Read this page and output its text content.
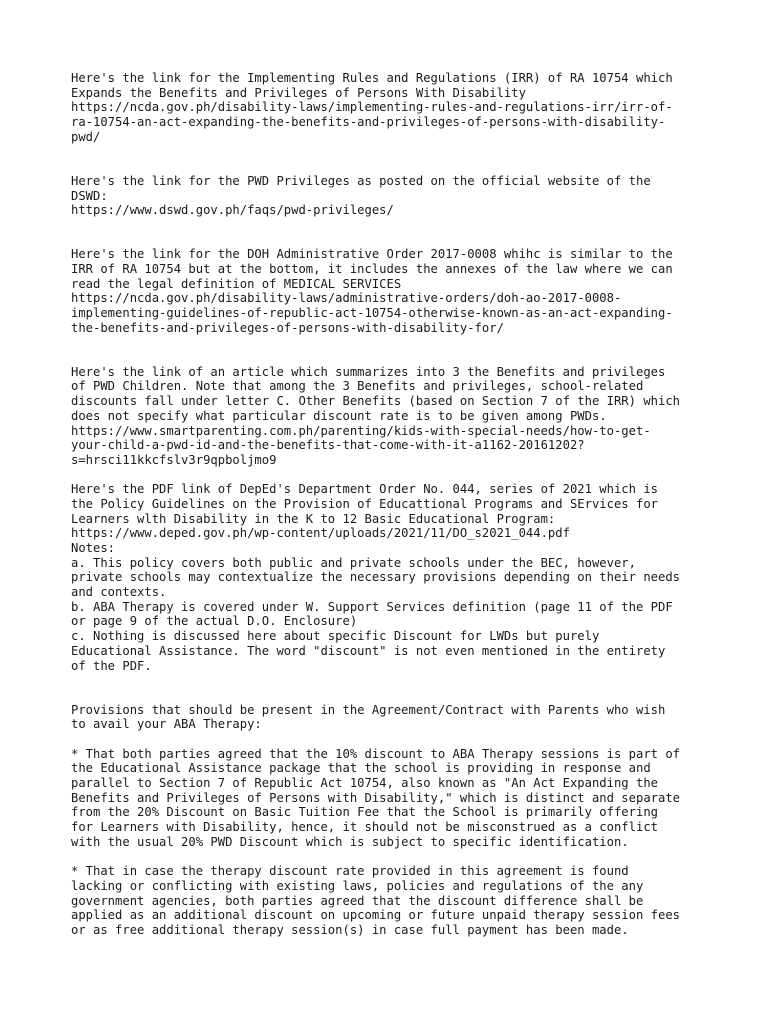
Here's the link for the Implementing Rules and Regulations (IRR) of RA 10754 which
Expands the Benefits and Privileges of Persons With Disability
https://ncda.gov.ph/disability-laws/implementing-rules-and-regulations-irr/irr-of-
ra-10754-an-act-expanding-the-benefits-and-privileges-of-persons-with-disability-
pwd/
Here's the link for the PWD Privileges as posted on the official website of the
DSWD:
https://www.dswd.gov.ph/faqs/pwd-privileges/
Here's the link for the DOH Administrative Order 2017-0008 whihc is similar to the
IRR of RA 10754 but at the bottom, it includes the annexes of the law where we can
read the legal definition of MEDICAL SERVICES
https://ncda.gov.ph/disability-laws/administrative-orders/doh-ao-2017-0008-
implementing-guidelines-of-republic-act-10754-otherwise-known-as-an-act-expanding-
the-benefits-and-privileges-of-persons-with-disability-for/
Here's the link of an article which summarizes into 3 the Benefits and privileges
of PWD Children. Note that among the 3 Benefits and privileges, school-related
discounts fall under letter C. Other Benefits (based on Section 7 of the IRR) which
does not specify what particular discount rate is to be given among PWDs.
https://www.smartparenting.com.ph/parenting/kids-with-special-needs/how-to-get-
your-child-a-pwd-id-and-the-benefits-that-come-with-it-a1162-20161202?
s=hrsci11kkcfslv3r9qpboljmo9
Here's the PDF link of DepEd's Department Order No. 044, series of 2021 which is
the Policy Guidelines on the Provision of Educattional Programs and SErvices for
Learners wlth Disability in the K to 12 Basic Educational Program:
https://www.deped.gov.ph/wp-content/uploads/2021/11/DO_s2021_044.pdf
Notes:
a. This policy covers both public and private schools under the BEC, however,
private schools may contextualize the necessary provisions depending on their needs
and contexts.
b. ABA Therapy is covered under W. Support Services definition (page 11 of the PDF
or page 9 of the actual D.O. Enclosure)
c. Nothing is discussed here about specific Discount for LWDs but purely
Educational Assistance. The word "discount" is not even mentioned in the entirety
of the PDF.
Provisions that should be present in the Agreement/Contract with Parents who wish
to avail your ABA Therapy:
* That both parties agreed that the 10% discount to ABA Therapy sessions is part of
the Educational Assistance package that the school is providing in response and
parallel to Section 7 of Republic Act 10754, also known as "An Act Expanding the
Benefits and Privileges of Persons with Disability," which is distinct and separate
from the 20% Discount on Basic Tuition Fee that the School is primarily offering
for Learners with Disability, hence, it should not be misconstrued as a conflict
with the usual 20% PWD Discount which is subject to specific identification.
* That in case the therapy discount rate provided in this agreement is found
lacking or conflicting with existing laws, policies and regulations of the any
government agencies, both parties agreed that the discount difference shall be
applied as an additional discount on upcoming or future unpaid therapy session fees
or as free additional therapy session(s) in case full payment has been made.
